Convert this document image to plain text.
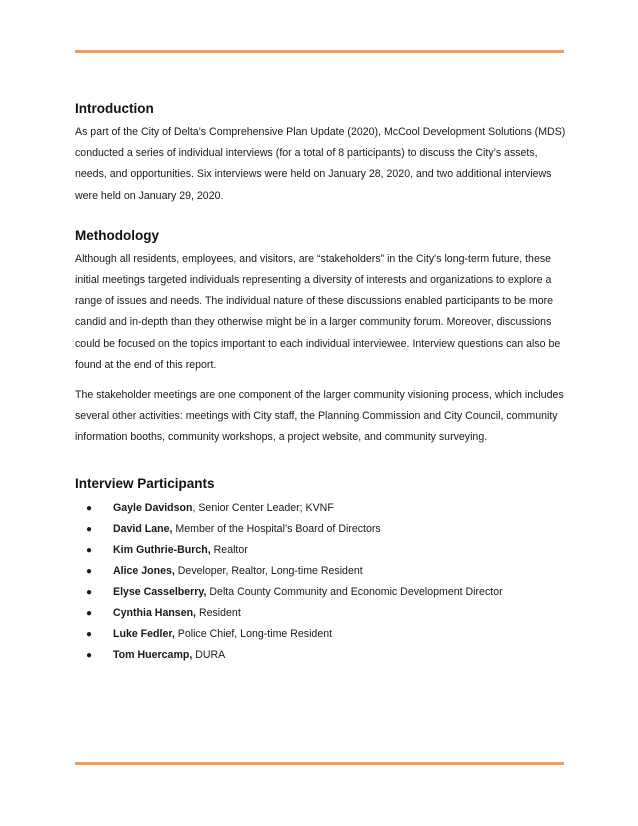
Introduction

As part of the City of Delta’s Comprehensive Plan Update (2020), McCool Development Solutions (MDS) conducted a series of individual interviews (for a total of 8 participants) to discuss the City’s assets, needs, and opportunities. Six interviews were held on January 28, 2020, and two additional interviews were held on January 29, 2020.

Methodology

Although all residents, employees, and visitors, are “stakeholders” in the City's long-term future, these initial meetings targeted individuals representing a diversity of interests and organizations to explore a range of issues and needs. The individual nature of these discussions enabled participants to be more candid and in-depth than they otherwise might be in a larger community forum. Moreover, discussions could be focused on the topics important to each individual interviewee. Interview questions can also be found at the end of this report.

The stakeholder meetings are one component of the larger community visioning process, which includes several other activities: meetings with City staff, the Planning Commission and City Council, community information booths, community workshops, a project website, and community surveying.

Interview Participants
● Gayle Davidson, Senior Center Leader; KVNF
● David Lane, Member of the Hospital’s Board of Directors
● Kim Guthrie-Burch, Realtor
● Alice Jones, Developer, Realtor, Long-time Resident
● Elyse Casselberry, Delta County Community and Economic Development Director
● Cynthia Hansen, Resident
● Luke Fedler, Police Chief, Long-time Resident
● Tom Huercamp, DURA
